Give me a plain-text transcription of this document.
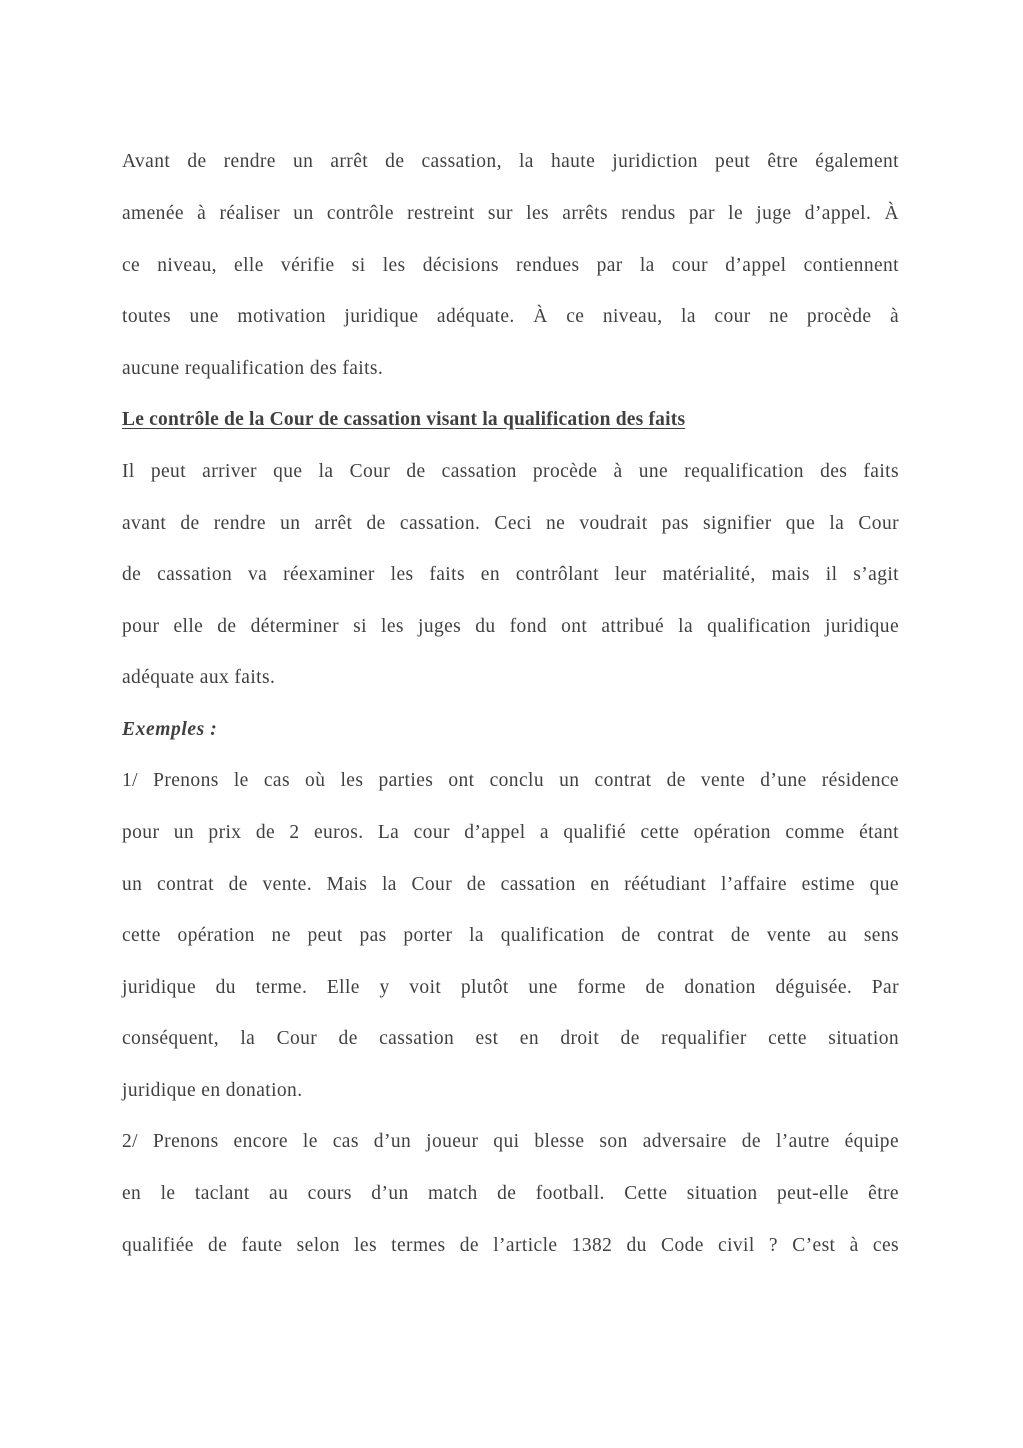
Avant de rendre un arrêt de cassation, la haute juridiction peut être également

amenée à réaliser un contrôle restreint sur les arrêts rendus par le juge d’appel. À

ce niveau, elle vérifie si les décisions rendues par la cour d’appel contiennent

toutes une motivation juridique adéquate. À ce niveau, la cour ne procède à

aucune requalification des faits.

Le contrôle de la Cour de cassation visant la qualification des faits

Il peut arriver que la Cour de cassation procède à une requalification des faits

avant de rendre un arrêt de cassation. Ceci ne voudrait pas signifier que la Cour

de cassation va réexaminer les faits en contrôlant leur matérialité, mais il s’agit

pour elle de déterminer si les juges du fond ont attribué la qualification juridique

adéquate aux faits.

Exemples :

1/ Prenons le cas où les parties ont conclu un contrat de vente d’une résidence

pour un prix de 2 euros. La cour d’appel a qualifié cette opération comme étant

un contrat de vente. Mais la Cour de cassation en réétudiant l’affaire estime que

cette opération ne peut pas porter la qualification de contrat de vente au sens

juridique du terme. Elle y voit plutôt une forme de donation déguisée. Par

conséquent, la Cour de cassation est en droit de requalifier cette situation

juridique en donation.

2/ Prenons encore le cas d’un joueur qui blesse son adversaire de l’autre équipe

en le taclant au cours d’un match de football. Cette situation peut-elle être

qualifiée de faute selon les termes de l’article 1382 du Code civil ? C’est à ces
